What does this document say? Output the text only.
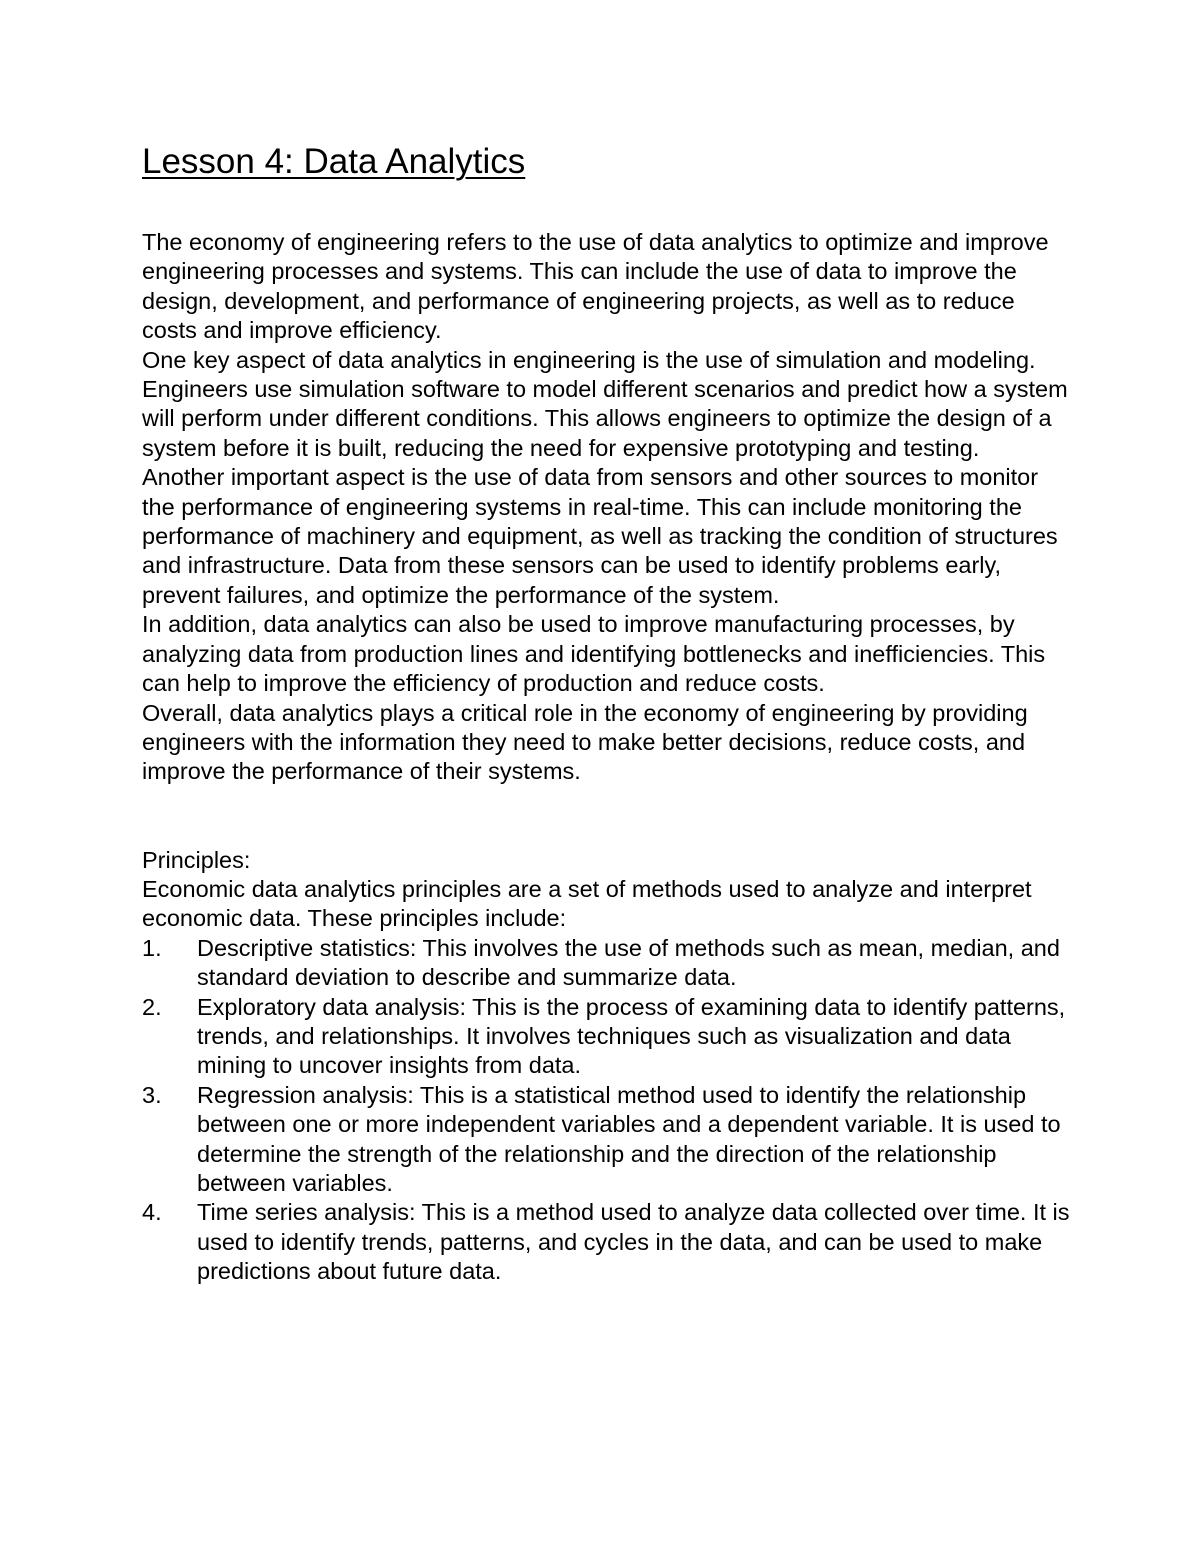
Lesson 4: Data Analytics

The economy of engineering refers to the use of data analytics to optimize and improve engineering processes and systems. This can include the use of data to improve the design, development, and performance of engineering projects, as well as to reduce costs and improve efficiency.

One key aspect of data analytics in engineering is the use of simulation and modeling. Engineers use simulation software to model different scenarios and predict how a system will perform under different conditions. This allows engineers to optimize the design of a system before it is built, reducing the need for expensive prototyping and testing.

Another important aspect is the use of data from sensors and other sources to monitor the performance of engineering systems in real-time. This can include monitoring the performance of machinery and equipment, as well as tracking the condition of structures and infrastructure. Data from these sensors can be used to identify problems early, prevent failures, and optimize the performance of the system.

In addition, data analytics can also be used to improve manufacturing processes, by analyzing data from production lines and identifying bottlenecks and inefficiencies. This can help to improve the efficiency of production and reduce costs.

Overall, data analytics plays a critical role in the economy of engineering by providing engineers with the information they need to make better decisions, reduce costs, and improve the performance of their systems.

Principles:

Economic data analytics principles are a set of methods used to analyze and interpret economic data. These principles include:

1. Descriptive statistics: This involves the use of methods such as mean, median, and standard deviation to describe and summarize data.
2. Exploratory data analysis: This is the process of examining data to identify patterns, trends, and relationships. It involves techniques such as visualization and data mining to uncover insights from data.
3. Regression analysis: This is a statistical method used to identify the relationship between one or more independent variables and a dependent variable. It is used to determine the strength of the relationship and the direction of the relationship between variables.
4. Time series analysis: This is a method used to analyze data collected over time. It is used to identify trends, patterns, and cycles in the data, and can be used to make predictions about future data.
